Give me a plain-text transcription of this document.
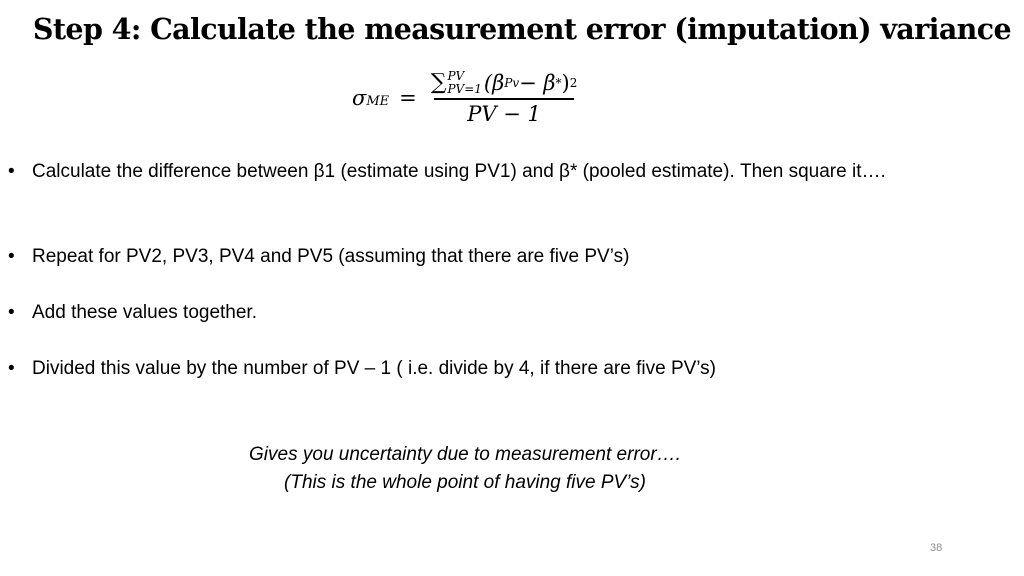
Step 4: Calculate the measurement error (imputation) variance
σ ME =
∑ PV
PV=1 (β Pv − β * ) 2
PV − 1
• Calculate the difference between β1 (estimate using PV1) and β* (pooled estimate). Then square it….
• Repeat for PV2, PV3, PV4 and PV5 (assuming that there are five PV’s)
• Add these values together.
• Divided this value by the number of PV – 1 ( i.e. divide by 4, if there are five PV’s)
Gives you uncertainty due to measurement error….
(This is the whole point of having five PV’s)
38
